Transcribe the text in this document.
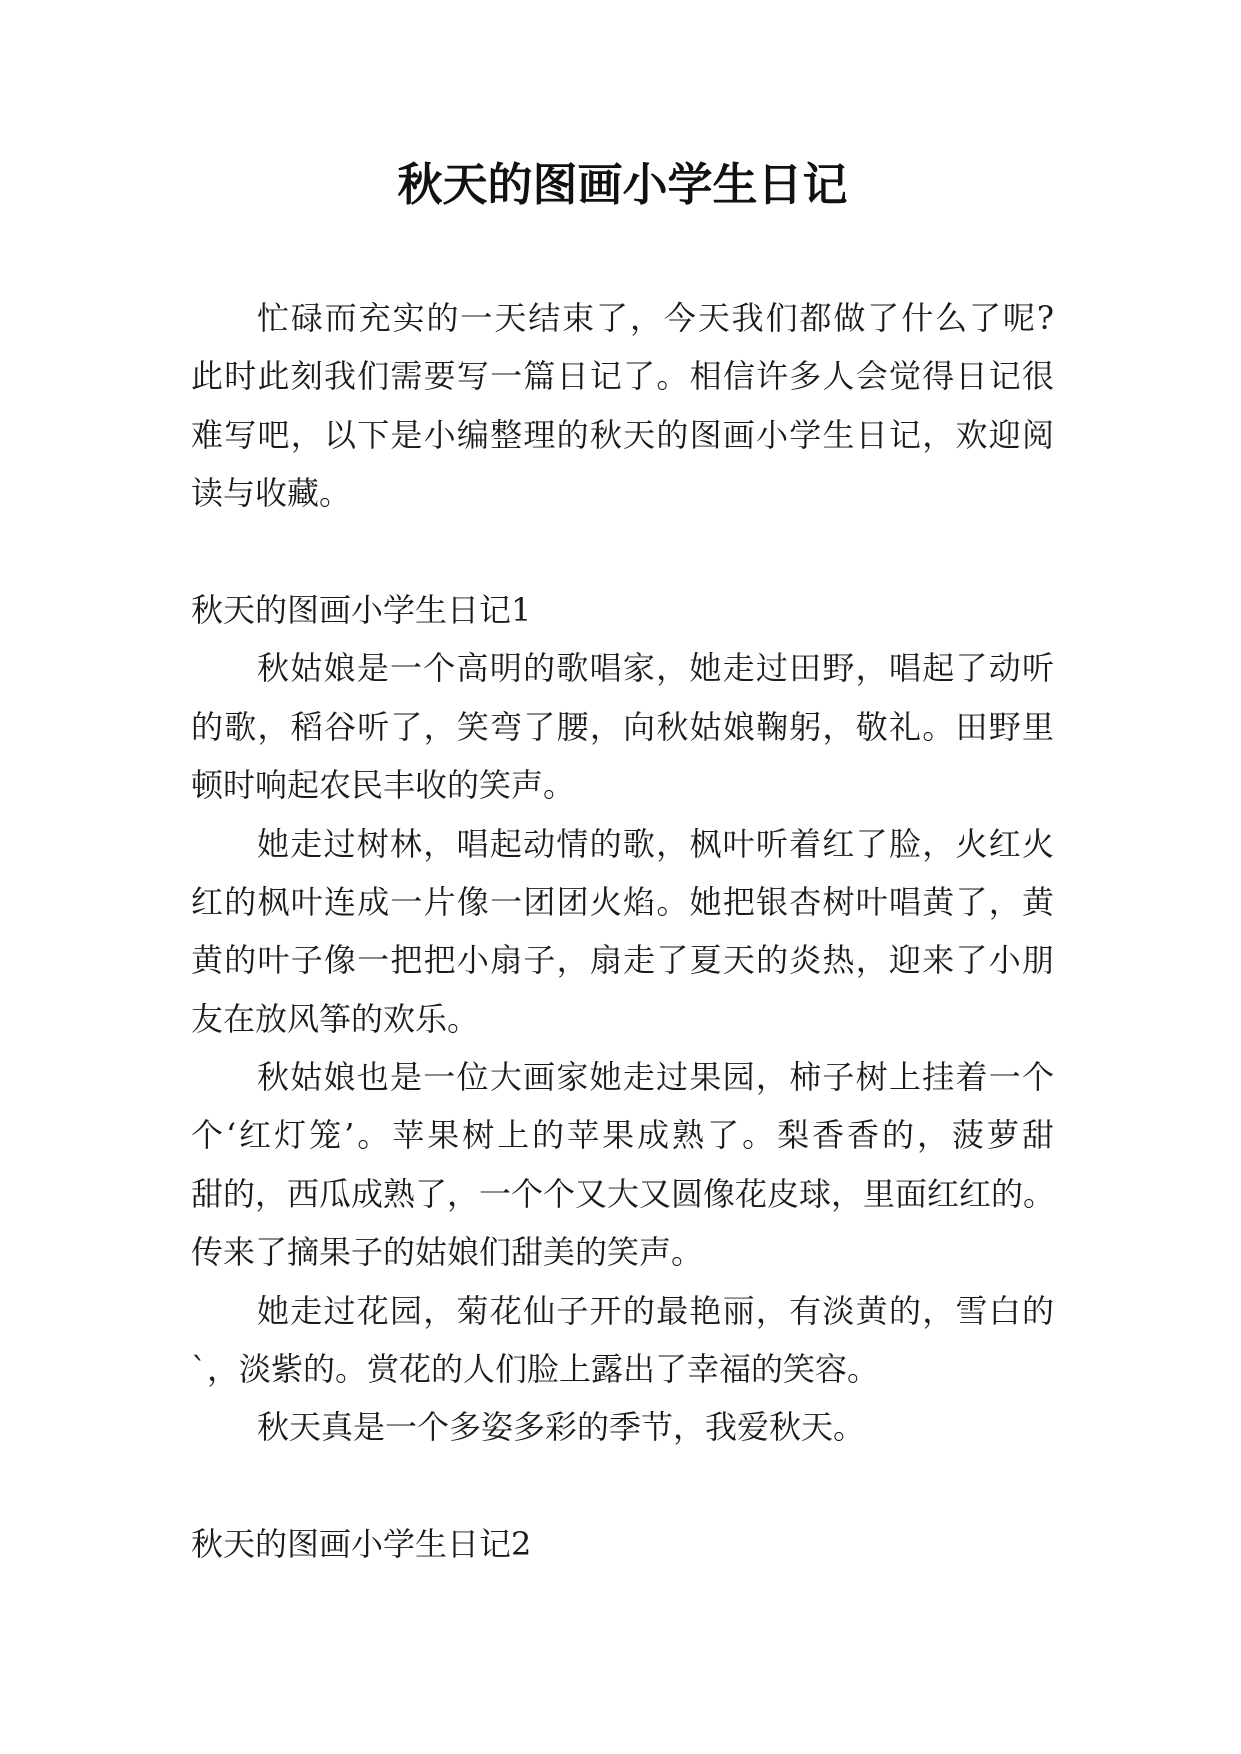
秋天的图画小学生日记
忙碌而充实的一天结束了，今天我们都做了什么了呢?
此时此刻我们需要写一篇日记了。相信许多人会觉得日记很
难写吧，以下是小编整理的秋天的图画小学生日记，欢迎阅
读与收藏。
秋天的图画小学生日记1
秋姑娘是一个高明的歌唱家，她走过田野，唱起了动听
的歌，稻谷听了，笑弯了腰，向秋姑娘鞠躬，敬礼。田野里
顿时响起农民丰收的笑声。
她走过树林，唱起动情的歌，枫叶听着红了脸，火红火
红的枫叶连成一片像一团团火焰。她把银杏树叶唱黄了，黄
黄的叶子像一把把小扇子，扇走了夏天的炎热，迎来了小朋
友在放风筝的欢乐。
秋姑娘也是一位大画家她走过果园，柿子树上挂着一个
个‘红灯笼’。苹果树上的苹果成熟了。梨香香的，菠萝甜
甜的，西瓜成熟了，一个个又大又圆像花皮球，里面红红的。
传来了摘果子的姑娘们甜美的笑声。
她走过花园，菊花仙子开的最艳丽，有淡黄的，雪白的
`，淡紫的。赏花的人们脸上露出了幸福的笑容。
秋天真是一个多姿多彩的季节，我爱秋天。
秋天的图画小学生日记2
